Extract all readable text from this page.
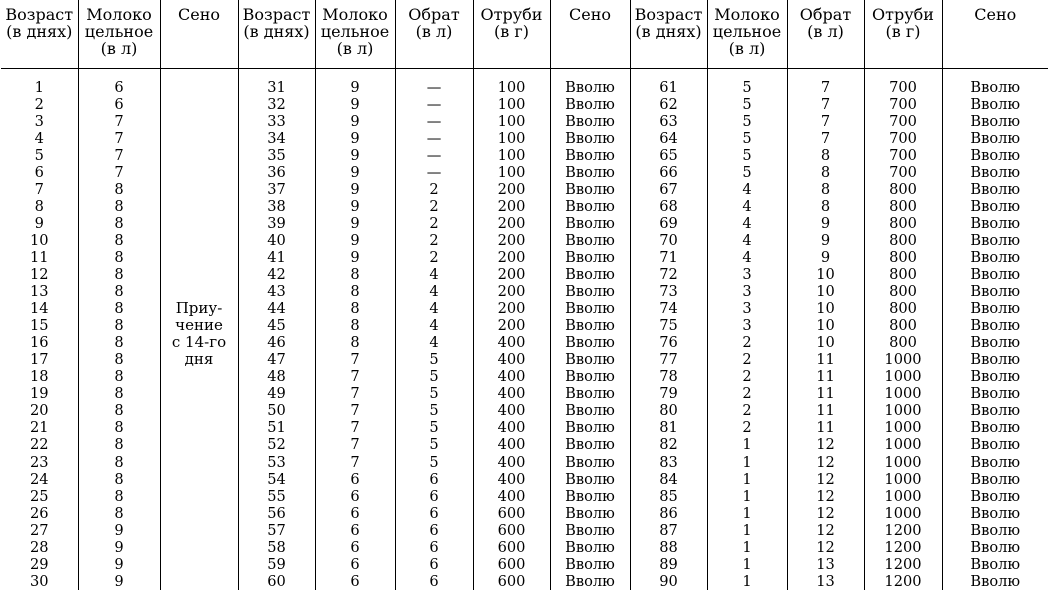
Возраст
(в днях)	Молоко
цельное
(в л)	Сено	Возраст
(в днях)	Молоко
цельное
(в л)	Обрат
(в л)	Отруби
(в г)	Сено	Возраст
(в днях)	Молоко
цельное
(в л)	Обрат
(в л)	Отруби
(в г)	Сено

1	6	Приу-
чение
с 14-го
дня	31	9	—	100	Вволю	61	5	7	700	Вволю
2	6		32	9	—	100	Вволю	62	5	7	700	Вволю
3	7		33	9	—	100	Вволю	63	5	7	700	Вволю
4	7		34	9	—	100	Вволю	64	5	7	700	Вволю
5	7		35	9	—	100	Вволю	65	5	8	700	Вволю
6	7		36	9	—	100	Вволю	66	5	8	700	Вволю
7	8		37	9	2	200	Вволю	67	4	8	800	Вволю
8	8		38	9	2	200	Вволю	68	4	8	800	Вволю
9	8		39	9	2	200	Вволю	69	4	9	800	Вволю
10	8		40	9	2	200	Вволю	70	4	9	800	Вволю
11	8		41	9	2	200	Вволю	71	4	9	800	Вволю
12	8		42	8	4	200	Вволю	72	3	10	800	Вволю
13	8		43	8	4	200	Вволю	73	3	10	800	Вволю
14	8		44	8	4	200	Вволю	74	3	10	800	Вволю
15	8		45	8	4	200	Вволю	75	3	10	800	Вволю
16	8		46	8	4	400	Вволю	76	2	10	800	Вволю
17	8		47	7	5	400	Вволю	77	2	11	1000	Вволю
18	8		48	7	5	400	Вволю	78	2	11	1000	Вволю
19	8		49	7	5	400	Вволю	79	2	11	1000	Вволю
20	8		50	7	5	400	Вволю	80	2	11	1000	Вволю
21	8		51	7	5	400	Вволю	81	2	11	1000	Вволю
22	8		52	7	5	400	Вволю	82	1	12	1000	Вволю
23	8		53	7	5	400	Вволю	83	1	12	1000	Вволю
24	8		54	6	6	400	Вволю	84	1	12	1000	Вволю
25	8		55	6	6	400	Вволю	85	1	12	1000	Вволю
26	8		56	6	6	600	Вволю	86	1	12	1000	Вволю
27	9		57	6	6	600	Вволю	87	1	12	1200	Вволю
28	9		58	6	6	600	Вволю	88	1	12	1200	Вволю
29	9		59	6	6	600	Вволю	89	1	13	1200	Вволю
30	9		60	6	6	600	Вволю	90	1	13	1200	Вволю
